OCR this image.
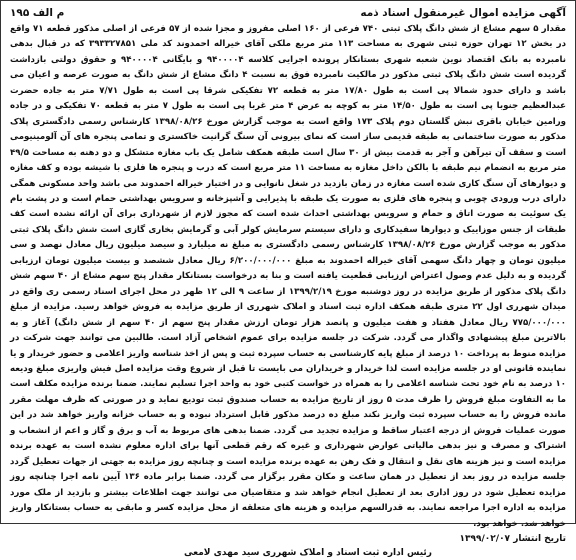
آگهی مزایده اموال غیرمنقول اسناد ذمه
م الف ۱۹۵
مقدار ۵ سهم مشاع از شش دانگ پلاک ثبتی ۷۴۰ فرعی از ۱۶۰ اصلی مفروز و مجزا شده از ۵۷ فرعی از اصلی مذکور قطعه ۷۱ واقع در بخش ۱۲ تهران حوزه ثبتی شهری به مساحت ۱۱۳ متر مربع ملکی آقای خیراله احمدوند کد ملی ۳۹۳۳۲۷۸۵۱ که در قبال بدهی نامبرده به بانک اقتصاد نوین شعبه شهری بستانکار پرونده اجرایی کلاسه ۹۴۰۰۰۰۴ و بایگانی ۹۴۰۰۰۰۴ و حقوق دولتی بازداشت گردیده است شش دانگ پلاک ثبتی مذکور در مالکیت نامبرده فوق به نسبت ۴ دانگ مشاع از شش دانگ به صورت عرصه و اعیان می باشد و دارای حدود شمالا پی است به طول ۱۷/۸۰ متر به قطعه ۷۲ تفکیکی شرقا پی است به طول ۷/۷۱ متر به جاده حضرت عبدالعظیم جنوبا پی است به طول ۱۴/۵۰ متر به کوچه به عرض ۴ متر غربا پی است به طول ۷ متر به قطعه ۷۰ تفکیکی و در جاده ورامین خیابان باقری نبش گلستان دوم پلاک ۱۷۳ واقع است به موجب گزارش مورخ ۱۳۹۸/۰۸/۲۶ کارشناس رسمی دادگستری پلاک مذکور به صورت ساختمانی به طبقه قدیمی ساز است که نمای بیرونی آن سنگ گرانیت خاکستری و تمامی پنجره های آن آلومینیومی است و سقف آن تیرآهن و آجر به قدمت بیش از ۳۰ سال است طبقه همکف شامل یک باب مغازه متشکل و دو دهنه به مساحت ۴۹/۵ متر مربع به انضمام نیم طبقه با بالکن داخل مغازه به مساحت ۱۱ متر مربع است که درب و پنجره ها فلزی با شیشه بوده و کف مغازه و دیوارهای آن سنگ کاری شده است مغازه در زمان بازدید در شغل نانوایی و در اختیار خیراله احمدوند می باشد واحد مسکونی همگی دارای درب ورودی چوبی و پنجره های فلزی به صورت یک طبقه با پذیرایی و آشپزخانه و سرویس بهداشتی حمام است و در پشت بام یک سوئیت به صورت اتاق و حمام و سرویس بهداشتی احداث شده است که مجوز لازم از شهرداری برای آن ارائه نشده است کف طبقات از جنس موزاییک و دیوارها سفیدکاری و دارای سیستم سرمایش کولر آبی و گرمایش بخاری گازی است شش دانگ پلاک ثبتی مذکور به موجب گزارش مورخ ۱۳۹۸/۰۸/۲۶ کارشناس رسمی دادگستری به مبلغ نه میلیارد و سیصد میلیون ریال معادل نهصد و سی میلیون تومان و چهار دانگ سهمی آقای خیراله احمدوند به مبلغ ۶/۲۰۰/۰۰۰/۰۰۰ ریال معادل ششصد و بیست میلیون تومان ارزیابی گردیده و به دلیل عدم وصول اعتراض ارزیابی قطعیت یافته است و بنا به درخواست بستانکار مقدار پنج سهم مشاع از ۴۰ سهم شش دانگ پلاک مذکور از طریق مزایده در روز دوشنبه مورخ ۱۳۹۹/۲/۱۹ از ساعت ۹ الی ۱۲ ظهر در محل اجرای اسناد رسمی ری واقع در میدان شهرری اول ۲۲ متری طبقه همکف اداره ثبت اسناد و املاک شهرری از طریق مزایده به فروش خواهد رسید. مزایده از مبلغ ۷۷۵/۰۰۰/۰۰۰ ریال معادل هفتاد و هفت میلیون و پانصد هزار تومان ارزش مقدار پنج سهم از ۴۰ سهم از شش دانگ) آغاز و به بالاترین مبلغ پیشنهادی واگذار می گردد. شرکت در جلسه مزایده برای عموم اشخاص آزاد است. طالبین می توانند جهت شرکت در مزایده منوط به پرداخت ۱۰ درصد از مبلغ پایه کارشناسی به حساب سپرده ثبت و پس از اخذ شناسه واریز اعلامی و حضور خریدار و یا نماینده قانونی او در جلسه مزایده است لذا خریدار و خریداران می بایست تا قبل از شروع وقت مزایده اصل فیش واریزی مبلغ ودیعه ۱۰ درصد به نام خود تحت شناسه اعلامی را به همراه در خواست کتبی خود به واحد اجرا تسلیم نمایند. ضمنا برنده مزایده مکلف است ما به التفاوت مبلغ فروش را ظرف مدت ۵ روز از تاریخ مزایده به حساب صندوق ثبت تودیع نماید و در صورتی که ظرف مهلت مقرر مانده فروش را به حساب سپرده ثبت واریز نکند مبلغ ده درصد مذکور قابل استرداد نبوده و به حساب خزانه واریز خواهد شد در این صورت عملیات فروش از درجه اعتبار ساقط و مزایده تجدید می گردد. ضمنا بدهی های مربوط به آب و برق و گاز و اعم از انشعاب و اشتراک و مصرف و نیز بدهی مالیاتی عوارض شهرداری و غیره که رقم قطعی آنها برای اداره معلوم نشده است به عهده برنده مزایده است و نیز هزینه های نقل و انتقال و فک رهن به عهده برنده مزایده است و چنانچه روز مزایده به جهتی از جهات تعطیل گردد جلسه مزایده در روز بعد از تعطیل در همان ساعت و مکان مقرر برگزار می گردد. ضمنا برابر ماده ۱۳۶ آیین نامه اجرا چنانچه روز مزایده تعطیل شود در روز اداری بعد از تعطیل انجام خواهد شد و متقاضیان می توانند جهت اطلاعات بیشتر و بازدید از ملک مورد مزایده به اداره اجرا مراجعه نمایند. به قدرالسهم مزایده و هزینه های متعلقه از محل مزایده کسر و مابقی به حساب بستانکار واریز خواهد شد. خواهد بود.
تاریخ انتشار ۱۳۹۹/۰۲/۰۷
رئیس اداره ثبت اسناد و املاک شهرری سید مهدی لامعی
